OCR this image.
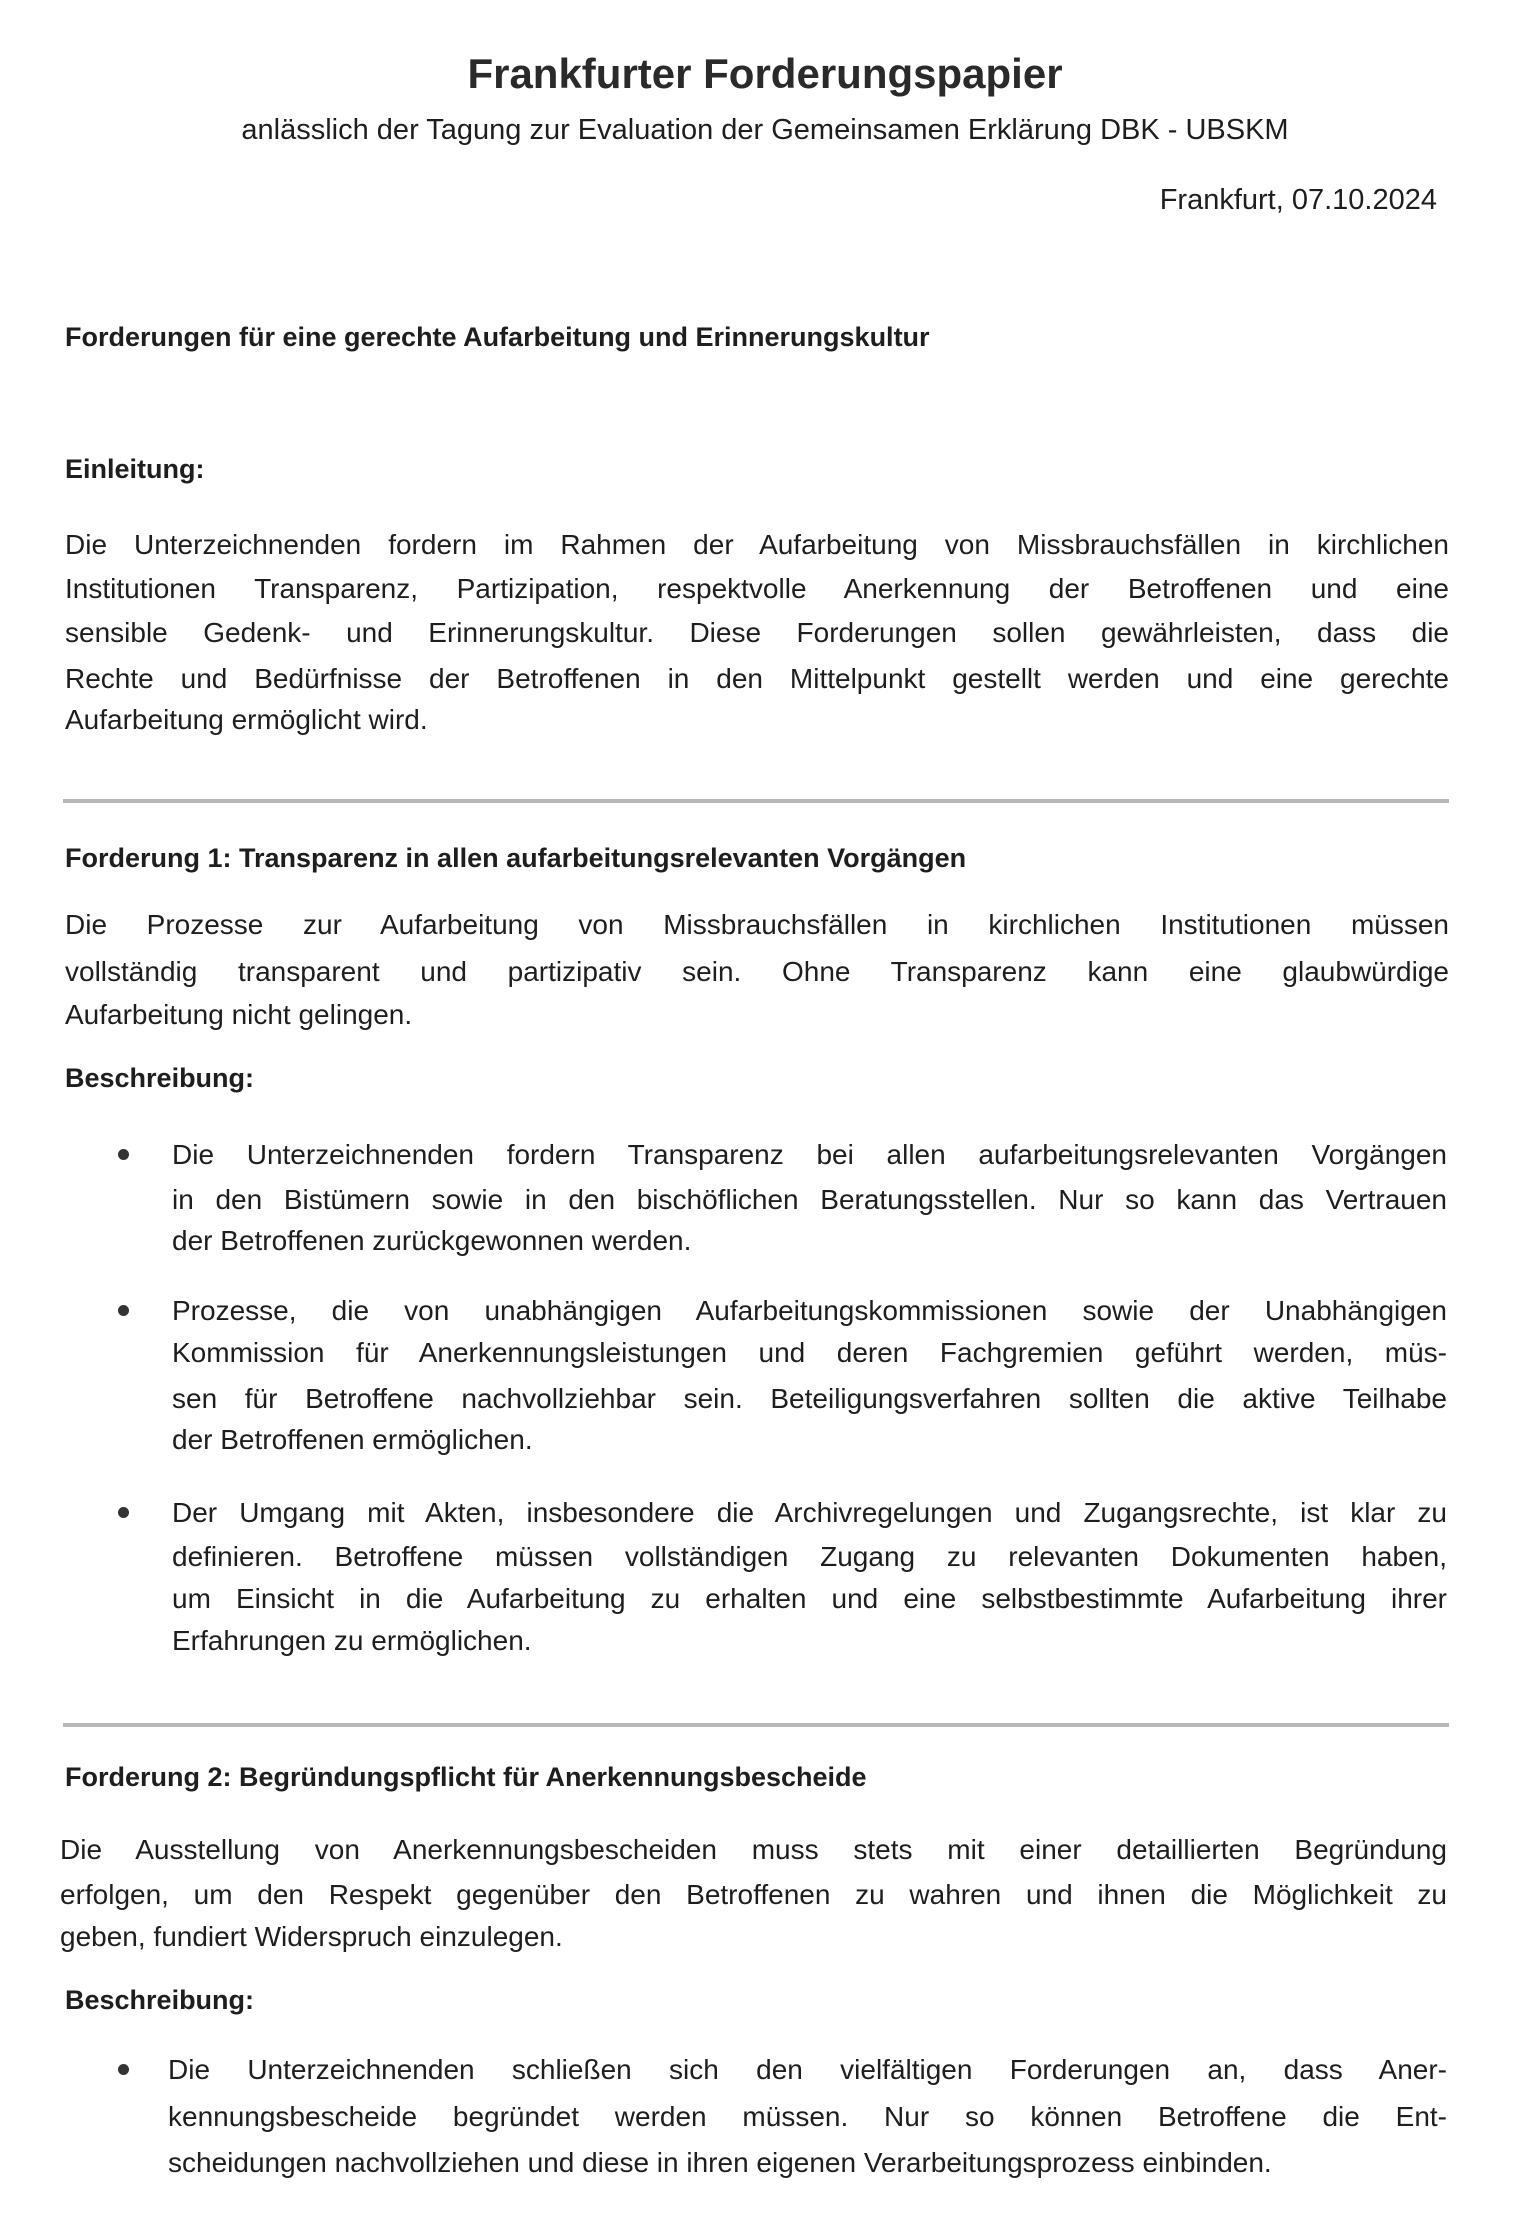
Frankfurter Forderungspapier
anlässlich der Tagung zur Evaluation der Gemeinsamen Erklärung DBK - UBSKM
Frankfurt, 07.10.2024
Forderungen für eine gerechte Aufarbeitung und Erinnerungskultur
Einleitung:
Die Unterzeichnenden fordern im Rahmen der Aufarbeitung von Missbrauchsfällen in kirchlichen
Institutionen Transparenz, Partizipation, respektvolle Anerkennung der Betroffenen und eine
sensible Gedenk- und Erinnerungskultur. Diese Forderungen sollen gewährleisten, dass die
Rechte und Bedürfnisse der Betroffenen in den Mittelpunkt gestellt werden und eine gerechte
Aufarbeitung ermöglicht wird.
Forderung 1: Transparenz in allen aufarbeitungsrelevanten Vorgängen
Die Prozesse zur Aufarbeitung von Missbrauchsfällen in kirchlichen Institutionen müssen
vollständig transparent und partizipativ sein. Ohne Transparenz kann eine glaubwürdige
Aufarbeitung nicht gelingen.
Beschreibung:
Die Unterzeichnenden fordern Transparenz bei allen aufarbeitungsrelevanten Vorgängen
in den Bistümern sowie in den bischöflichen Beratungsstellen. Nur so kann das Vertrauen
der Betroffenen zurückgewonnen werden.
Prozesse, die von unabhängigen Aufarbeitungskommissionen sowie der Unabhängigen
Kommission für Anerkennungsleistungen und deren Fachgremien geführt werden, müs-
sen für Betroffene nachvollziehbar sein. Beteiligungsverfahren sollten die aktive Teilhabe
der Betroffenen ermöglichen.
Der Umgang mit Akten, insbesondere die Archivregelungen und Zugangsrechte, ist klar zu
definieren. Betroffene müssen vollständigen Zugang zu relevanten Dokumenten haben,
um Einsicht in die Aufarbeitung zu erhalten und eine selbstbestimmte Aufarbeitung ihrer
Erfahrungen zu ermöglichen.
Forderung 2: Begründungspflicht für Anerkennungsbescheide
Die Ausstellung von Anerkennungsbescheiden muss stets mit einer detaillierten Begründung
erfolgen, um den Respekt gegenüber den Betroffenen zu wahren und ihnen die Möglichkeit zu
geben, fundiert Widerspruch einzulegen.
Beschreibung:
Die Unterzeichnenden schließen sich den vielfältigen Forderungen an, dass Aner-
kennungsbescheide begründet werden müssen. Nur so können Betroffene die Ent-
scheidungen nachvollziehen und diese in ihren eigenen Verarbeitungsprozess einbinden.
